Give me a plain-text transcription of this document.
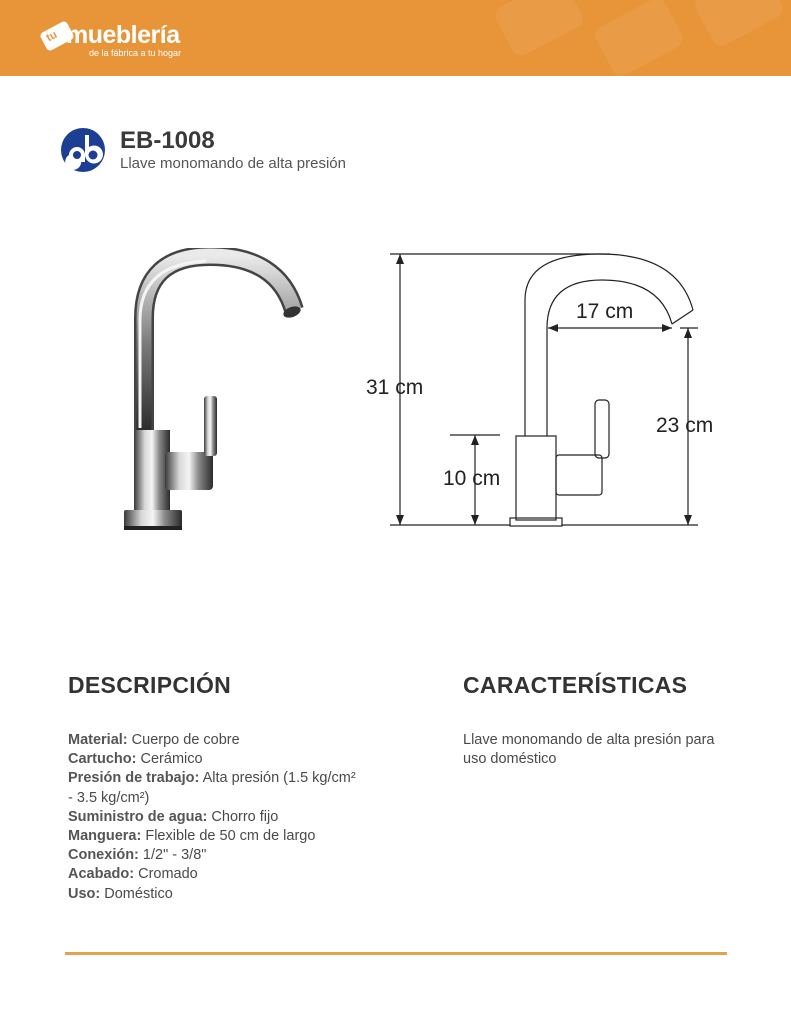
tu mueblería
de la fábrica a tu hogar
EB-1008
Llave monomando de alta presión
31 cm
17 cm
23 cm
10 cm
DESCRIPCIÓN
Material: Cuerpo de cobre
Cartucho: Cerámico
Presión de trabajo: Alta presión (1.5 kg/cm² - 3.5 kg/cm²)
Suministro de agua: Chorro fijo
Manguera: Flexible de 50 cm de largo
Conexión: 1/2" - 3/8"
Acabado: Cromado
Uso: Doméstico
CARACTERÍSTICAS
Llave monomando de alta presión para uso doméstico
